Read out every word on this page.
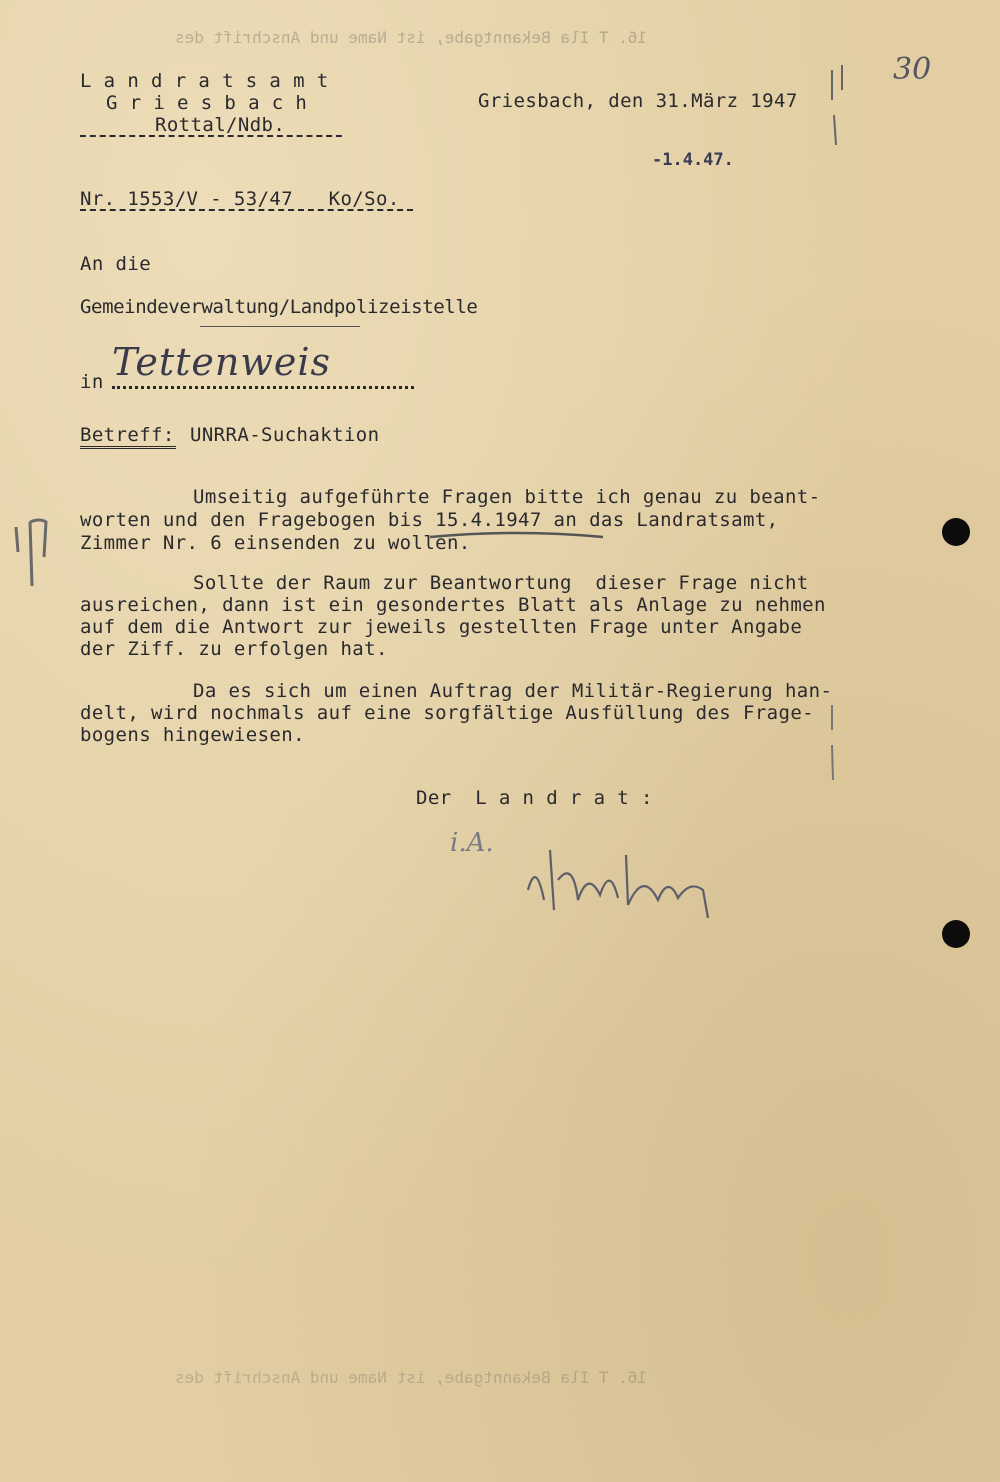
16. T Ila Bekanntgabe, ist Name und Anschrift des
16. T Ila Bekanntgabe, ist Name und Anschrift des
30
L a n d r a t s a m t
G r i e s b a c h
Rottal/Ndb.
Griesbach, den 31.März 1947
-1.4.47.
Nr. 1553/V - 53/47   Ko/So.
An die
Gemeindeverwaltung/Landpolizeistelle
in Tettenweis
Betreff: UNRRA-Suchaktion
Umseitig aufgeführte Fragen bitte ich genau zu beant-
worten und den Fragebogen bis 15.4.1947 an das Landratsamt,
Zimmer Nr. 6 einsenden zu wollen.
Sollte der Raum zur Beantwortung  dieser Frage nicht
ausreichen, dann ist ein gesondertes Blatt als Anlage zu nehmen
auf dem die Antwort zur jeweils gestellten Frage unter Angabe
der Ziff. zu erfolgen hat.
Da es sich um einen Auftrag der Militär-Regierung han-
delt, wird nochmals auf eine sorgfältige Ausfüllung des Frage-
bogens hingewiesen.
Der  L a n d r a t :
i.A.
